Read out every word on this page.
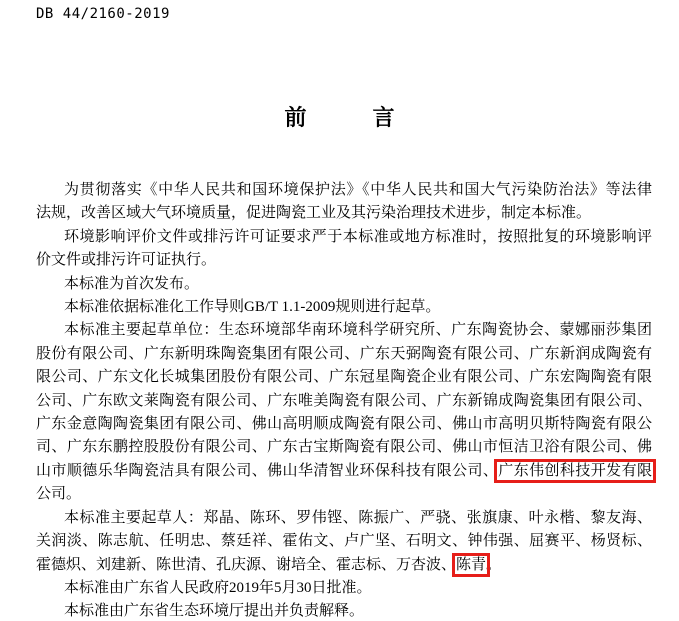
DB 44/2160-2019
前　　　言
为贯彻落实《中华人民共和国环境保护法》《中华人民共和国大气污染防治法》等法律
法规，改善区域大气环境质量，促进陶瓷工业及其污染治理技术进步，制定本标准。
环境影响评价文件或排污许可证要求严于本标准或地方标准时，按照批复的环境影响评
价文件或排污许可证执行。
本标准为首次发布。
本标准依据标准化工作导则GB/T 1.1-2009规则进行起草。
本标准主要起草单位：生态环境部华南环境科学研究所、广东陶瓷协会、蒙娜丽莎集团
股份有限公司、广东新明珠陶瓷集团有限公司、广东天弼陶瓷有限公司、广东新润成陶瓷有
限公司、广东文化长城集团股份有限公司、广东冠星陶瓷企业有限公司、广东宏陶陶瓷有限
公司、广东欧文莱陶瓷有限公司、广东唯美陶瓷有限公司、广东新锦成陶瓷集团有限公司、
广东金意陶陶瓷集团有限公司、佛山高明顺成陶瓷有限公司、佛山市高明贝斯特陶瓷有限公
司、广东东鹏控股股份有限公司、广东古宝斯陶瓷有限公司、佛山市恒洁卫浴有限公司、佛
山市顺德乐华陶瓷洁具有限公司、佛山华清智业环保科技有限公司、广东伟创科技开发有限
公司。
本标准主要起草人：郑晶、陈环、罗伟铿、陈振广、严骁、张旗康、叶永楷、黎友海、
关润淡、陈志航、任明忠、蔡廷祥、霍佑文、卢广坚、石明文、钟伟强、屈赛平、杨贤标、
霍德炽、刘建新、陈世清、孔庆源、谢培全、霍志标、万杏波、陈青。
本标准由广东省人民政府2019年5月30日批准。
本标准由广东省生态环境厅提出并负责解释。
